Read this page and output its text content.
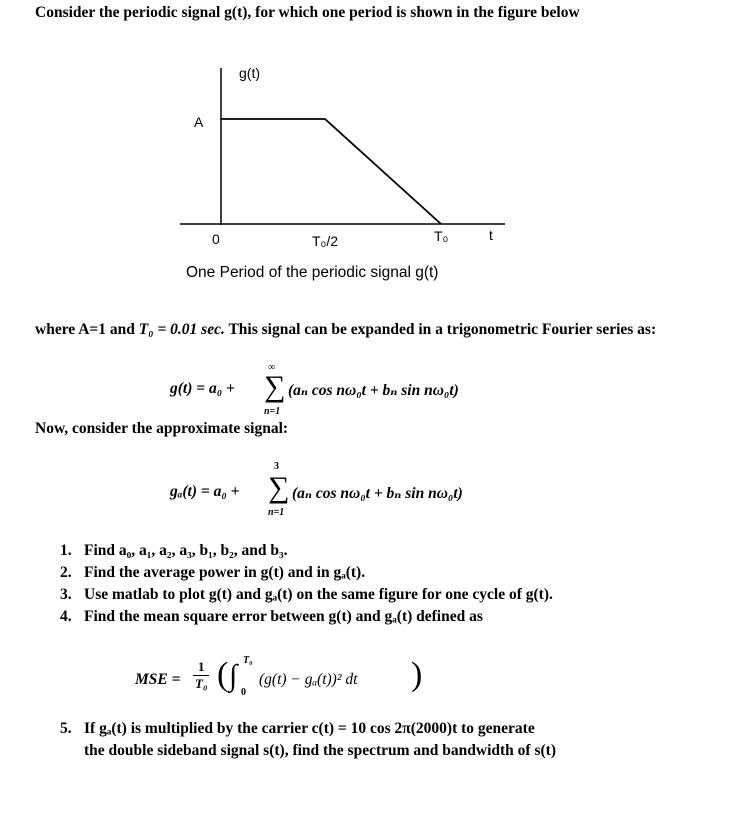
Consider the periodic signal g(t), for which one period is shown in the figure below
g(t)
A
0	T₀/2	T₀	t
One Period of the periodic signal g(t)
where A=1 and T₀ = 0.01 sec. This signal can be expanded in a trigonometric Fourier series as:
g(t) = a₀ +
∞
∑
n=1
(aₙ cos nω₀t + bₙ sin nω₀t)
Now, consider the approximate signal:
gₐ(t) = a₀ +
3
∑
n=1
(aₙ cos nω₀t + bₙ sin nω₀t)
1. Find a₀, a₁, a₂, a₃, b₁, b₂, and b₃.
2. Find the average power in g(t) and in gₐ(t).
3. Use matlab to plot g(t) and gₐ(t) on the same figure for one cycle of g(t).
4. Find the mean square error between g(t) and gₐ(t) defined as
MSE = $\frac{1}{\text{T₀}}$ ( T₀
∫
0
(g(t) − gₐ(t))² dt )
5. If gₐ(t) is multiplied by the carrier c(t) = 10 cos 2π(2000)t to generate
the double sideband signal s(t), find the spectrum and bandwidth of s(t)
